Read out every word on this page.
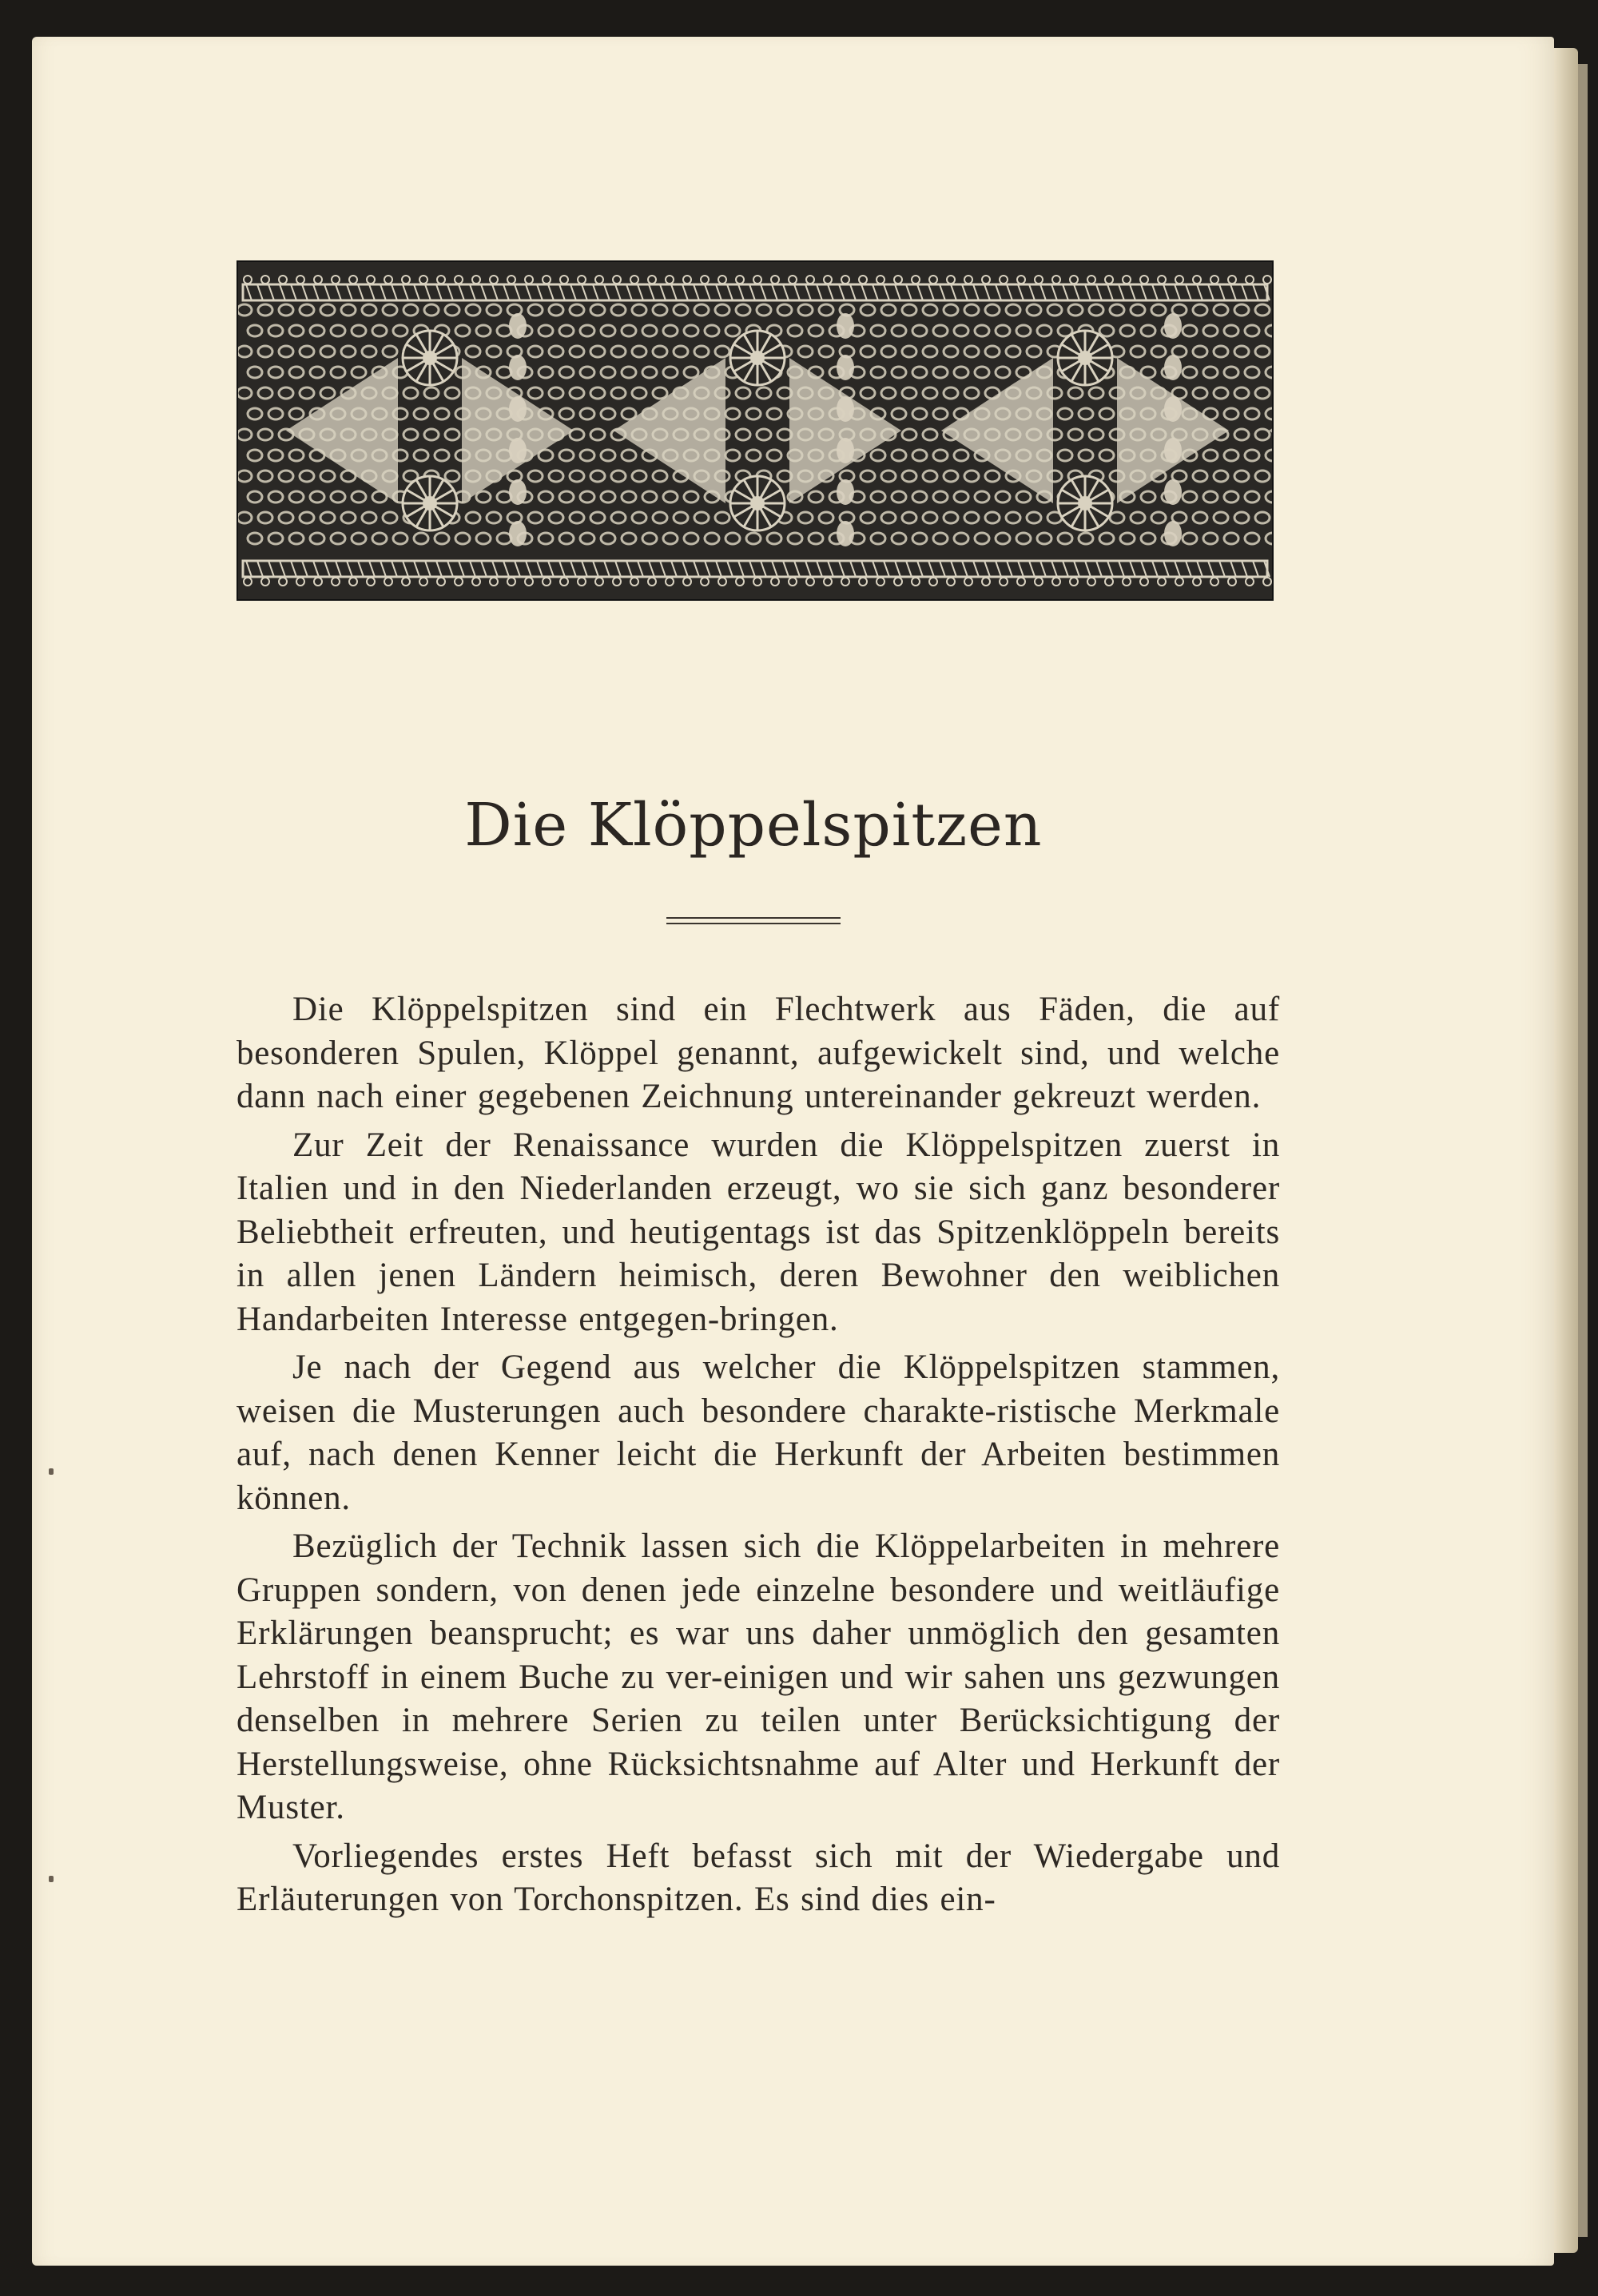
Die Klöppelspitzen

Die Klöppelspitzen sind ein Flechtwerk aus Fäden, die auf besonderen Spulen, Klöppel genannt, aufgewickelt sind, und welche dann nach einer gegebenen Zeichnung untereinander gekreuzt werden.

Zur Zeit der Renaissance wurden die Klöppelspitzen zuerst in Italien und in den Niederlanden erzeugt, wo sie sich ganz besonderer Beliebtheit erfreuten, und heutigentags ist das Spitzenklöppeln bereits in allen jenen Ländern heimisch, deren Bewohner den weiblichen Handarbeiten Interesse entgegen-bringen.

Je nach der Gegend aus welcher die Klöppelspitzen stammen, weisen die Musterungen auch besondere charakte-ristische Merkmale auf, nach denen Kenner leicht die Herkunft der Arbeiten bestimmen können.

Bezüglich der Technik lassen sich die Klöppelarbeiten in mehrere Gruppen sondern, von denen jede einzelne besondere und weitläufige Erklärungen beansprucht; es war uns daher unmöglich den gesamten Lehrstoff in einem Buche zu ver-einigen und wir sahen uns gezwungen denselben in mehrere Serien zu teilen unter Berücksichtigung der Herstellungsweise, ohne Rücksichtsnahme auf Alter und Herkunft der Muster.

Vorliegendes erstes Heft befasst sich mit der Wiedergabe und Erläuterungen von Torchonspitzen. Es sind dies ein-
